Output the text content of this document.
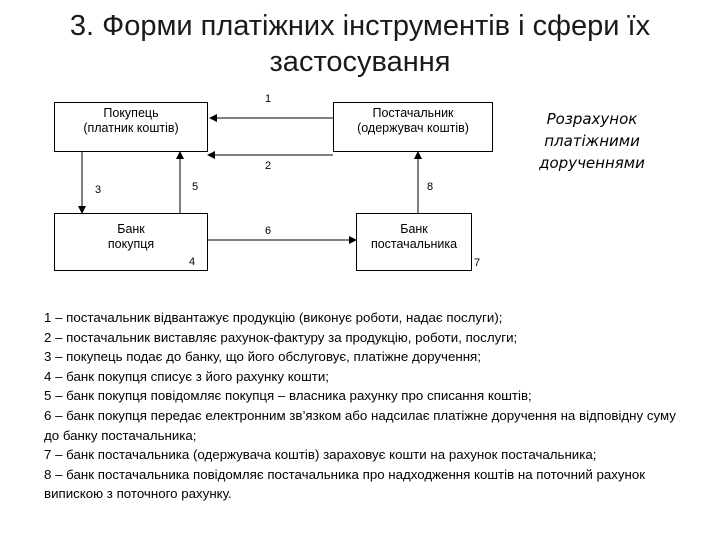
3. Форми платіжних інструментів і сфери їх
застосування
Покупець
(платник коштів)
Постачальник
(одержувач коштів)
Банк
покупця
Банк
постачальника
1
2
3
4
5
6
7
8
Розрахунок
платіжними
дорученнями
1 – постачальник відвантажує продукцію (виконує роботи, надає послуги);
2 – постачальник виставляє рахунок-фактуру за продукцію, роботи, послуги;
3 – покупець подає до банку, що його обслуговує, платіжне доручення;
4 – банк покупця списує з його рахунку кошти;
5 – банк покупця повідомляє покупця – власника рахунку про списання коштів;
6 – банк покупця передає електронним зв’язком або надсилає платіжне доручення на відповідну суму до банку постачальника;
7 – банк постачальника (одержувача коштів) зараховує кошти на рахунок постачальника;
8 – банк постачальника повідомляє постачальника про надходження коштів на поточний рахунок випискою з поточного рахунку.
